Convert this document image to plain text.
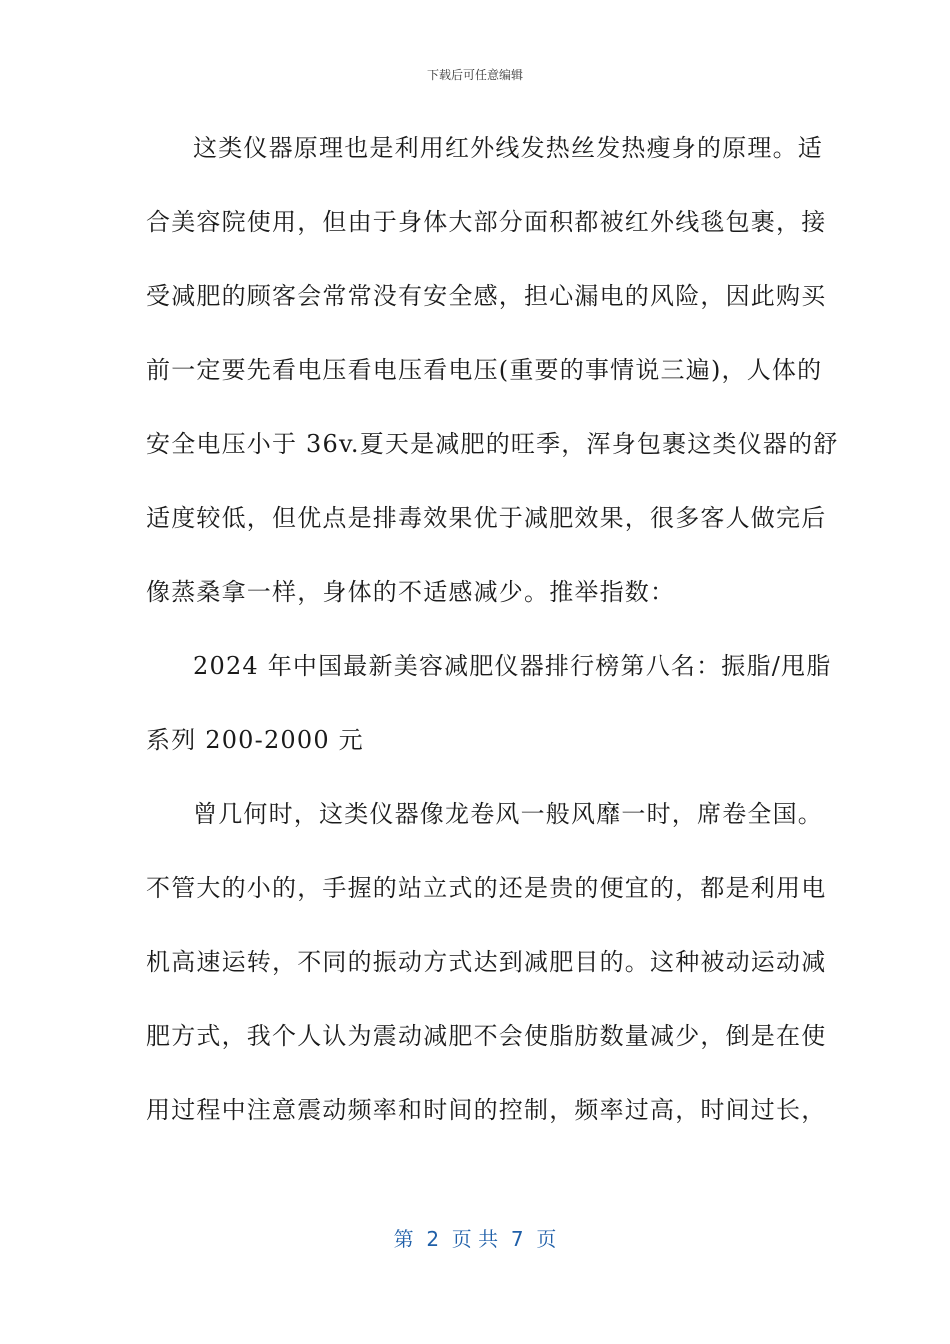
下载后可任意编辑
这类仪器原理也是利用红外线发热丝发热瘦身的原理。适
合美容院使用，但由于身体大部分面积都被红外线毯包裹，接
受减肥的顾客会常常没有安全感，担心漏电的风险，因此购买
前一定要先看电压看电压看电压(重要的事情说三遍)，人体的
安全电压小于 36v.夏天是减肥的旺季，浑身包裹这类仪器的舒
适度较低，但优点是排毒效果优于减肥效果，很多客人做完后
像蒸桑拿一样，身体的不适感减少。推举指数：
2024 年中国最新美容减肥仪器排行榜第八名：振脂/甩脂
系列 200-2000 元
曾几何时，这类仪器像龙卷风一般风靡一时，席卷全国。
不管大的小的，手握的站立式的还是贵的便宜的，都是利用电
机高速运转，不同的振动方式达到减肥目的。这种被动运动减
肥方式，我个人认为震动减肥不会使脂肪数量减少，倒是在使
用过程中注意震动频率和时间的控制，频率过高，时间过长，
第  2  页 共  7  页
